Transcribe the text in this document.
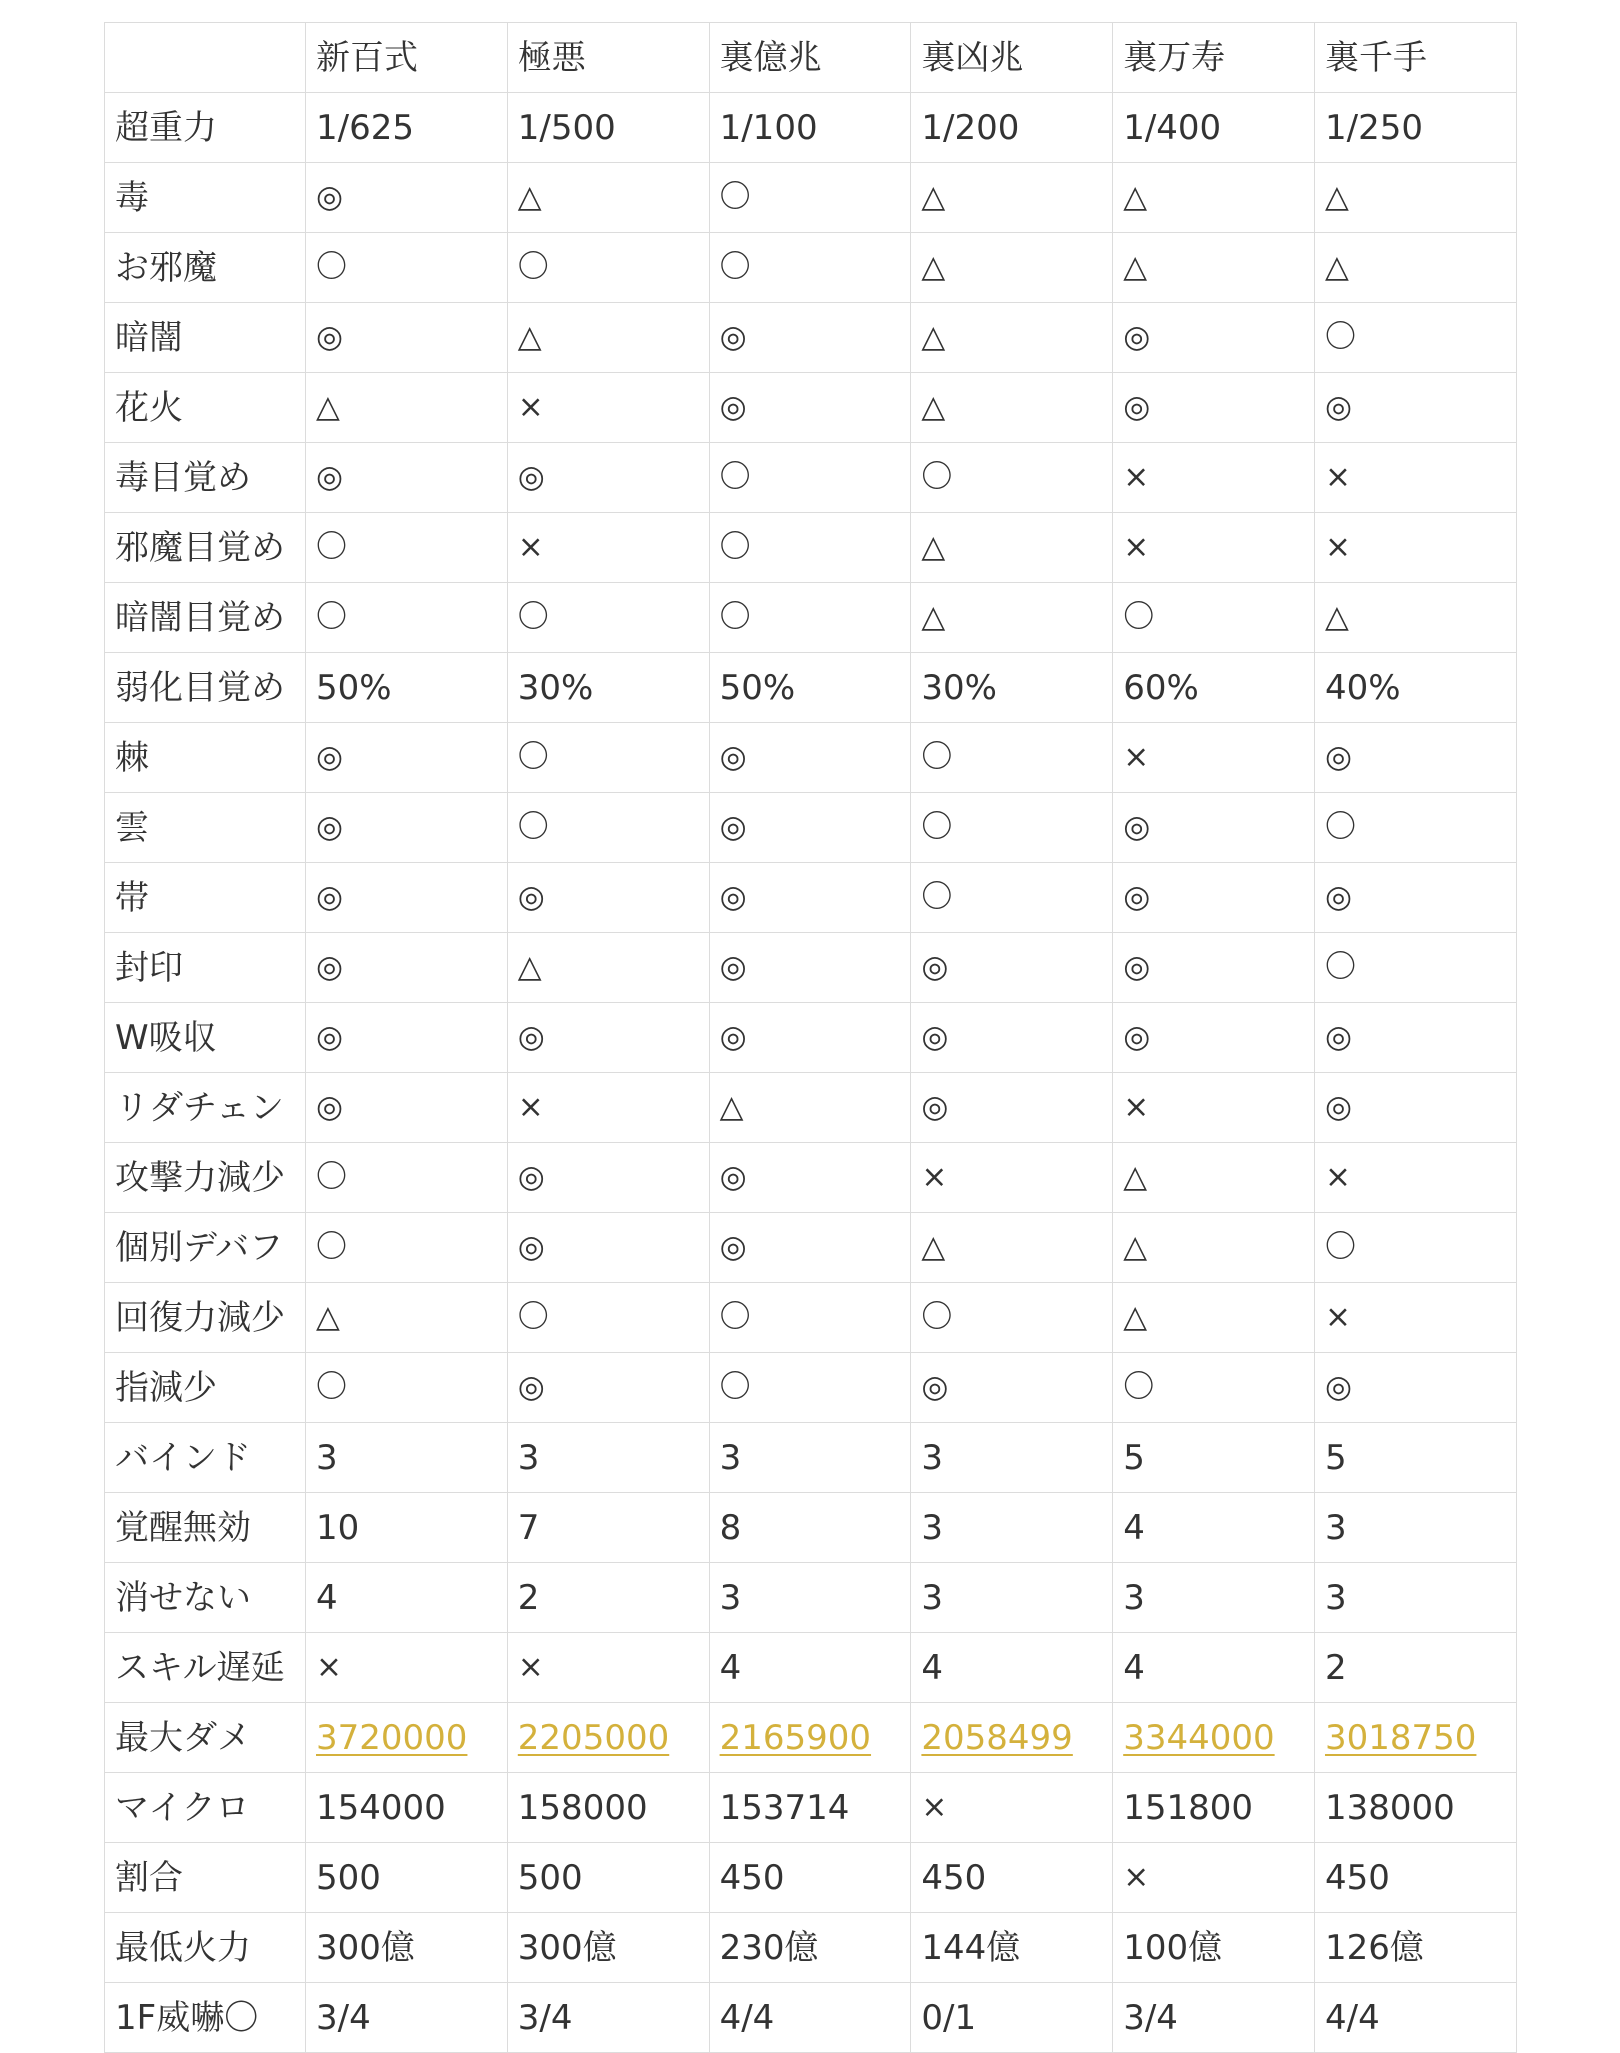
	新百式	極悪	裏億兆	裏凶兆	裏万寿	裏千手
超重力	1/625	1/500	1/100	1/200	1/400	1/250
毒	◎	△	〇	△	△	△
お邪魔	〇	〇	〇	△	△	△
暗闇	◎	△	◎	△	◎	〇
花火	△	×	◎	△	◎	◎
毒目覚め	◎	◎	〇	〇	×	×
邪魔目覚め	〇	×	〇	△	×	×
暗闇目覚め	〇	〇	〇	△	〇	△
弱化目覚め	50%	30%	50%	30%	60%	40%
棘	◎	〇	◎	〇	×	◎
雲	◎	〇	◎	〇	◎	〇
帯	◎	◎	◎	〇	◎	◎
封印	◎	△	◎	◎	◎	〇
W吸収	◎	◎	◎	◎	◎	◎
リダチェン	◎	×	△	◎	×	◎
攻撃力減少	〇	◎	◎	×	△	×
個別デバフ	〇	◎	◎	△	△	〇
回復力減少	△	〇	〇	〇	△	×
指減少	〇	◎	〇	◎	〇	◎
バインド	3	3	3	3	5	5
覚醒無効	10	7	8	3	4	3
消せない	4	2	3	3	3	3
スキル遅延	×	×	4	4	4	2
最大ダメ	3720000	2205000	2165900	2058499	3344000	3018750
マイクロ	154000	158000	153714	×	151800	138000
割合	500	500	450	450	×	450
最低火力	300億	300億	230億	144億	100億	126億
1F威嚇〇	3/4	3/4	4/4	0/1	3/4	4/4
